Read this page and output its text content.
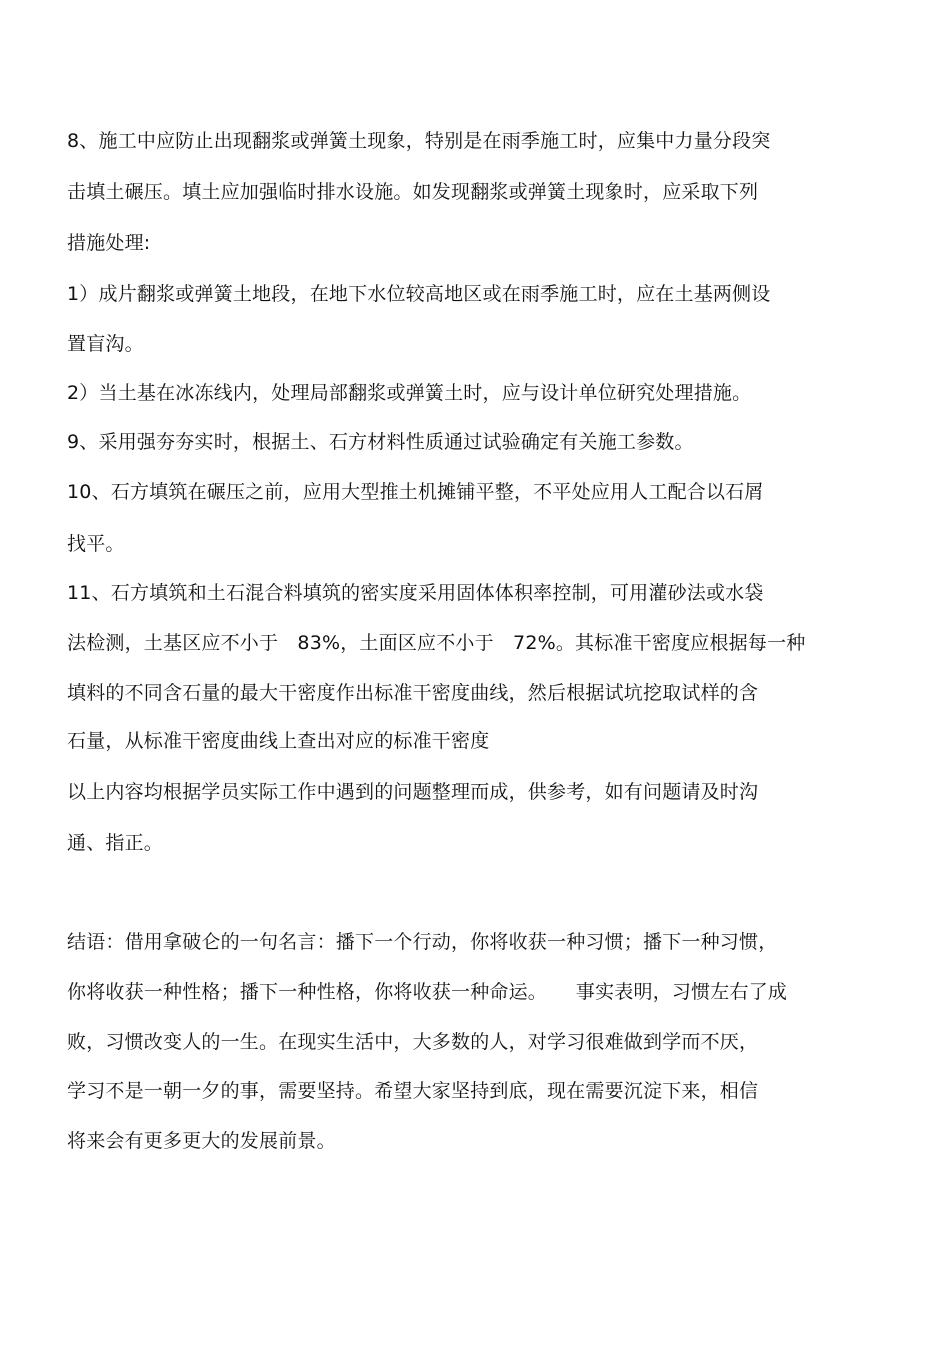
8、施工中应防止出现翻浆或弹簧土现象，特别是在雨季施工时，应集中力量分段突
击填土碾压。填土应加强临时排水设施。如发现翻浆或弹簧土现象时，应采取下列
措施处理:
1）成片翻浆或弹簧土地段，在地下水位较高地区或在雨季施工时，应在土基两侧设
置盲沟。
2）当土基在冰冻线内，处理局部翻浆或弹簧土时，应与设计单位研究处理措施。
9、采用强夯夯实时，根据土、石方材料性质通过试验确定有关施工参数。
10、石方填筑在碾压之前，应用大型推土机摊铺平整，不平处应用人工配合以石屑
找平。
11、石方填筑和土石混合料填筑的密实度采用固体体积率控制，可用灌砂法或水袋
法检测，土基区应不小于　83%，土面区应不小于　72%。其标准干密度应根据每一种
填料的不同含石量的最大干密度作出标准干密度曲线，然后根据试坑挖取试样的含
石量，从标准干密度曲线上查出对应的标准干密度
以上内容均根据学员实际工作中遇到的问题整理而成，供参考，如有问题请及时沟
通、指正。
结语：借用拿破仑的一句名言：播下一个行动，你将收获一种习惯；播下一种习惯，
你将收获一种性格；播下一种性格，你将收获一种命运。　　事实表明，习惯左右了成
败，习惯改变人的一生。在现实生活中，大多数的人，对学习很难做到学而不厌，
学习不是一朝一夕的事，需要坚持。希望大家坚持到底，现在需要沉淀下来，相信
将来会有更多更大的发展前景。
